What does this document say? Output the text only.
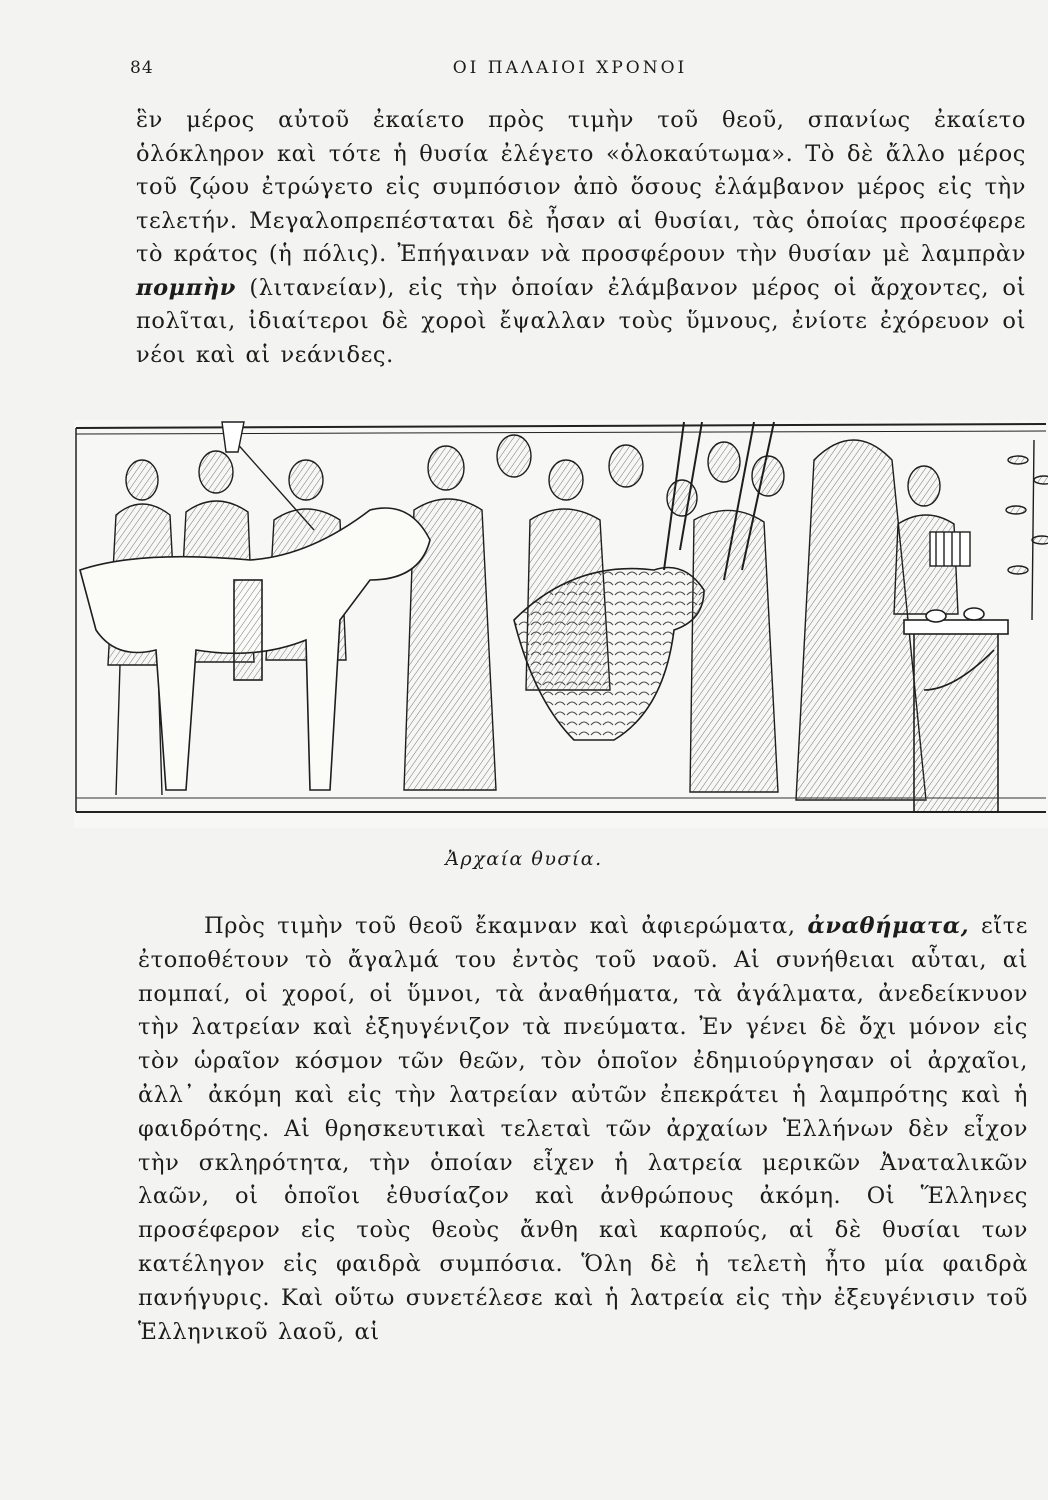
84	ΟΙ ΠΑΛΑΙΟΙ ΧΡΟΝΟΙ

ἓν μέρος αὐτοῦ ἐκαίετο πρὸς τιμὴν τοῦ θεοῦ, σπανίως ἐκαίετο ὁλόκληρον καὶ τότε ἡ θυσία ἐλέγετο «ὁλοκαύτωμα». Τὸ δὲ ἄλλο μέρος τοῦ ζῴου ἐτρώγετο εἰς συμπόσιον ἀπὸ ὅσους ἐλάμβανον μέρος εἰς τὴν τελετήν. Μεγαλοπρεπέσταται δὲ ἦσαν αἱ θυσίαι, τὰς ὁποίας προσέφερε τὸ κράτος (ἡ πόλις). Ἐπήγαιναν νὰ προσφέρουν τὴν θυσίαν μὲ λαμπρὰν πομπὴν (λιτανείαν), εἰς τὴν ὁποίαν ἐλάμβανον μέρος οἱ ἄρχοντες, οἱ πολῖται, ἰδιαίτεροι δὲ χοροὶ ἔψαλλαν τοὺς ὕμνους, ἐνίοτε ἐχόρευον οἱ νέοι καὶ αἱ νεάνιδες.

Ἀρχαία θυσία.

Πρὸς τιμὴν τοῦ θεοῦ ἔκαμναν καὶ ἀφιερώματα, ἀναθήματα, εἴτε ἐτοποθέτουν τὸ ἄγαλμά του ἐντὸς τοῦ ναοῦ. Αἱ συνήθειαι αὗται, αἱ πομπαί, οἱ χοροί, οἱ ὕμνοι, τὰ ἀναθήματα, τὰ ἀγάλματα, ἀνεδείκνυον τὴν λατρείαν καὶ ἐξηυγένιζον τὰ πνεύματα. Ἐν γένει δὲ ὄχι μόνον εἰς τὸν ὡραῖον κόσμον τῶν θεῶν, τὸν ὁποῖον ἐδημιούργησαν οἱ ἀρχαῖοι, ἀλλ᾽ ἀκόμη καὶ εἰς τὴν λατρείαν αὐτῶν ἐπεκράτει ἡ λαμπρότης καὶ ἡ φαιδρότης. Αἱ θρησκευτικαὶ τελεταὶ τῶν ἀρχαίων Ἑλλήνων δὲν εἶχον τὴν σκληρότητα, τὴν ὁποίαν εἶχεν ἡ λατρεία μερικῶν Ἀναταλικῶν λαῶν, οἱ ὁποῖοι ἐθυσίαζον καὶ ἀνθρώπους ἀκόμη. Οἱ Ἕλληνες προσέφερον εἰς τοὺς θεοὺς ἄνθη καὶ καρπούς, αἱ δὲ θυσίαι των κατέληγον εἰς φαιδρὰ συμπόσια. Ὅλη δὲ ἡ τελετὴ ἦτο μία φαιδρὰ πανήγυρις. Καὶ οὕτω συνετέλεσε καὶ ἡ λατρεία εἰς τὴν ἐξευγένισιν τοῦ Ἑλληνικοῦ λαοῦ, αἱ
